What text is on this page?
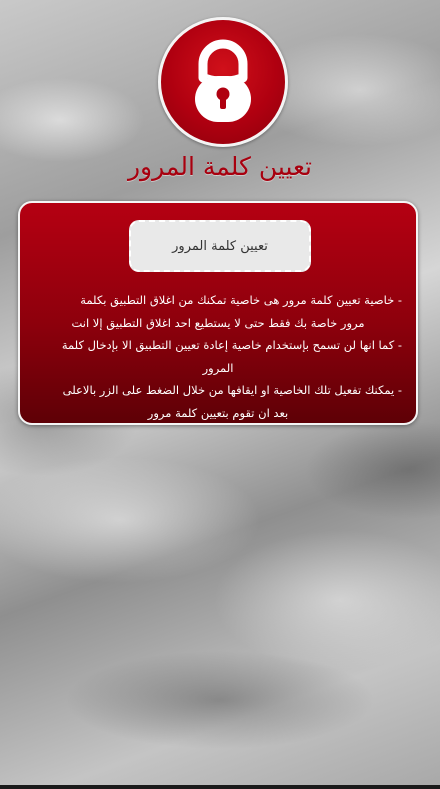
تعيين كلمة المرور
تعيين كلمة المرور

- خاصية تعيين كلمة مرور هى خاصية تمكنك من اغلاق التطبيق بكلمة
مرور خاصة بك فقط حتى لا يستطيع احد اغلاق التطبيق إلا انت
- كما انها لن تسمح بإستخدام خاصية إعادة تعيين التطبيق الا بإدخال كلمة
المرور
- يمكنك تفعيل تلك الخاصية او ايقافها من خلال الضغط على الزر بالاعلى
بعد ان تقوم بتعيين كلمة مرور
